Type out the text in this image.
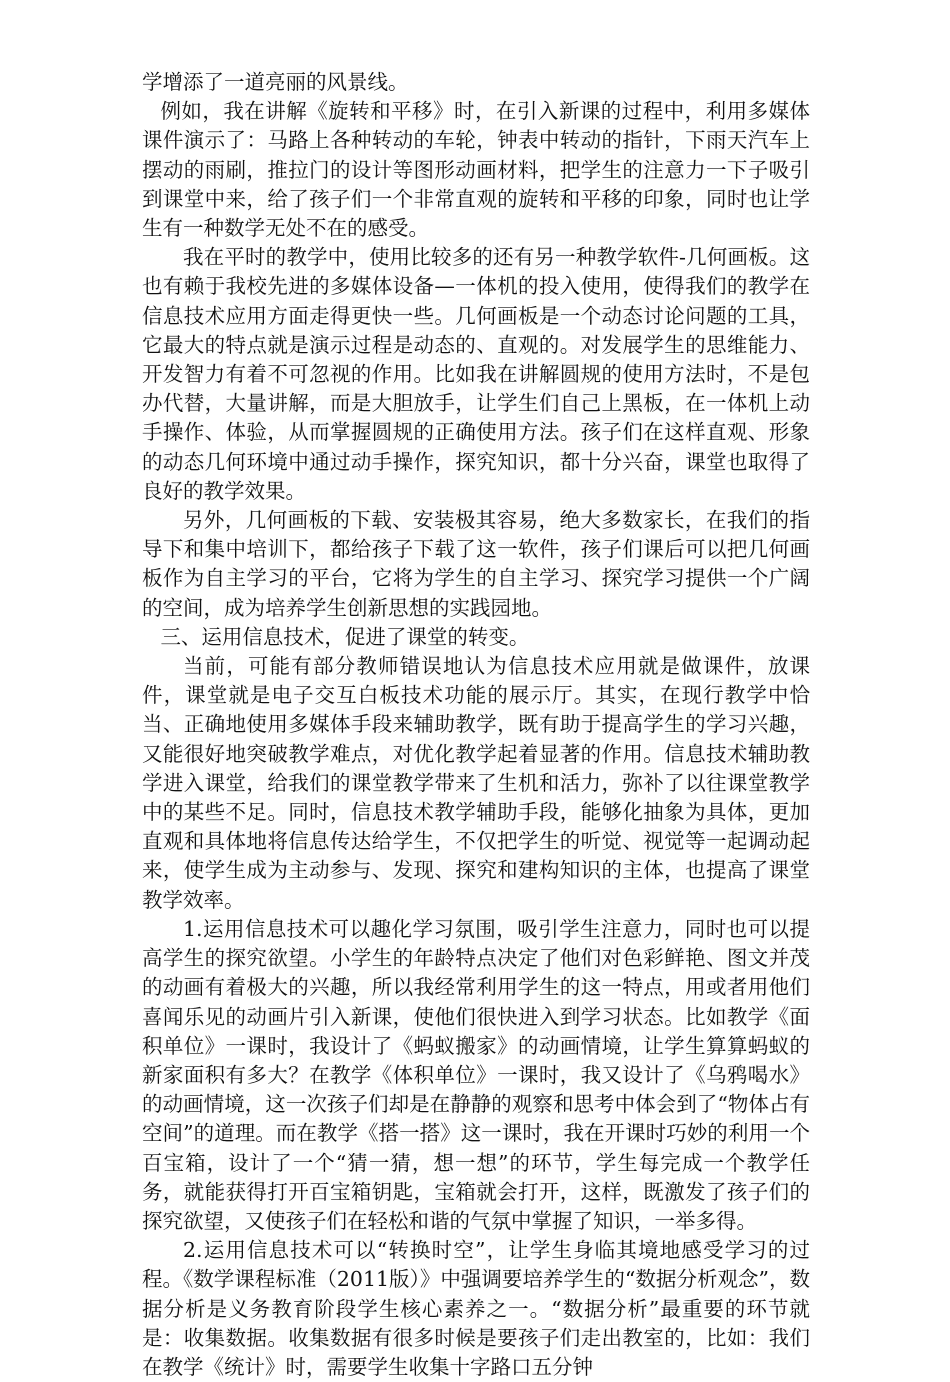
学增添了一道亮丽的风景线。

例如，我在讲解《旋转和平移》时，在引入新课的过程中，利用多媒体课件演示了：马路上各种转动的车轮，钟表中转动的指针，下雨天汽车上摆动的雨刷，推拉门的设计等图形动画材料，把学生的注意力一下子吸引到课堂中来，给了孩子们一个非常直观的旋转和平移的印象，同时也让学生有一种数学无处不在的感受。

我在平时的教学中，使用比较多的还有另一种教学软件-几何画板。这也有赖于我校先进的多媒体设备—一体机的投入使用，使得我们的教学在信息技术应用方面走得更快一些。几何画板是一个动态讨论问题的工具，它最大的特点就是演示过程是动态的、直观的。对发展学生的思维能力、开发智力有着不可忽视的作用。比如我在讲解圆规的使用方法时，不是包办代替，大量讲解，而是大胆放手，让学生们自己上黑板，在一体机上动手操作、体验，从而掌握圆规的正确使用方法。孩子们在这样直观、形象的动态几何环境中通过动手操作，探究知识，都十分兴奋，课堂也取得了良好的教学效果。

另外，几何画板的下载、安装极其容易，绝大多数家长，在我们的指导下和集中培训下，都给孩子下载了这一软件，孩子们课后可以把几何画板作为自主学习的平台，它将为学生的自主学习、探究学习提供一个广阔的空间，成为培养学生创新思想的实践园地。

三、运用信息技术，促进了课堂的转变。

当前，可能有部分教师错误地认为信息技术应用就是做课件，放课件，课堂就是电子交互白板技术功能的展示厅。其实，在现行教学中恰当、正确地使用多媒体手段来辅助教学，既有助于提高学生的学习兴趣，又能很好地突破教学难点，对优化教学起着显著的作用。信息技术辅助教学进入课堂，给我们的课堂教学带来了生机和活力，弥补了以往课堂教学中的某些不足。同时，信息技术教学辅助手段，能够化抽象为具体，更加直观和具体地将信息传达给学生，不仅把学生的听觉、视觉等一起调动起来，使学生成为主动参与、发现、探究和建构知识的主体，也提高了课堂教学效率。

1.运用信息技术可以趣化学习氛围，吸引学生注意力，同时也可以提高学生的探究欲望。小学生的年龄特点决定了他们对色彩鲜艳、图文并茂的动画有着极大的兴趣，所以我经常利用学生的这一特点，用或者用他们喜闻乐见的动画片引入新课，使他们很快进入到学习状态。比如教学《面积单位》一课时，我设计了《蚂蚁搬家》的动画情境，让学生算算蚂蚁的新家面积有多大？在教学《体积单位》一课时，我又设计了《乌鸦喝水》的动画情境，这一次孩子们却是在静静的观察和思考中体会到了“物体占有空间”的道理。而在教学《搭一搭》这一课时，我在开课时巧妙的利用一个百宝箱，设计了一个“猜一猜，想一想”的环节，学生每完成一个教学任务，就能获得打开百宝箱钥匙，宝箱就会打开，这样，既激发了孩子们的探究欲望，又使孩子们在轻松和谐的气氛中掌握了知识，一举多得。

2.运用信息技术可以“转换时空”，让学生身临其境地感受学习的过程。《数学课程标准（2011版）》中强调要培养学生的“数据分析观念”，数据分析是义务教育阶段学生核心素养之一。“数据分析”最重要的环节就是：收集数据。收集数据有很多时候是要孩子们走出教室的，比如：我们在教学《统计》时，需要学生收集十字路口五分钟
